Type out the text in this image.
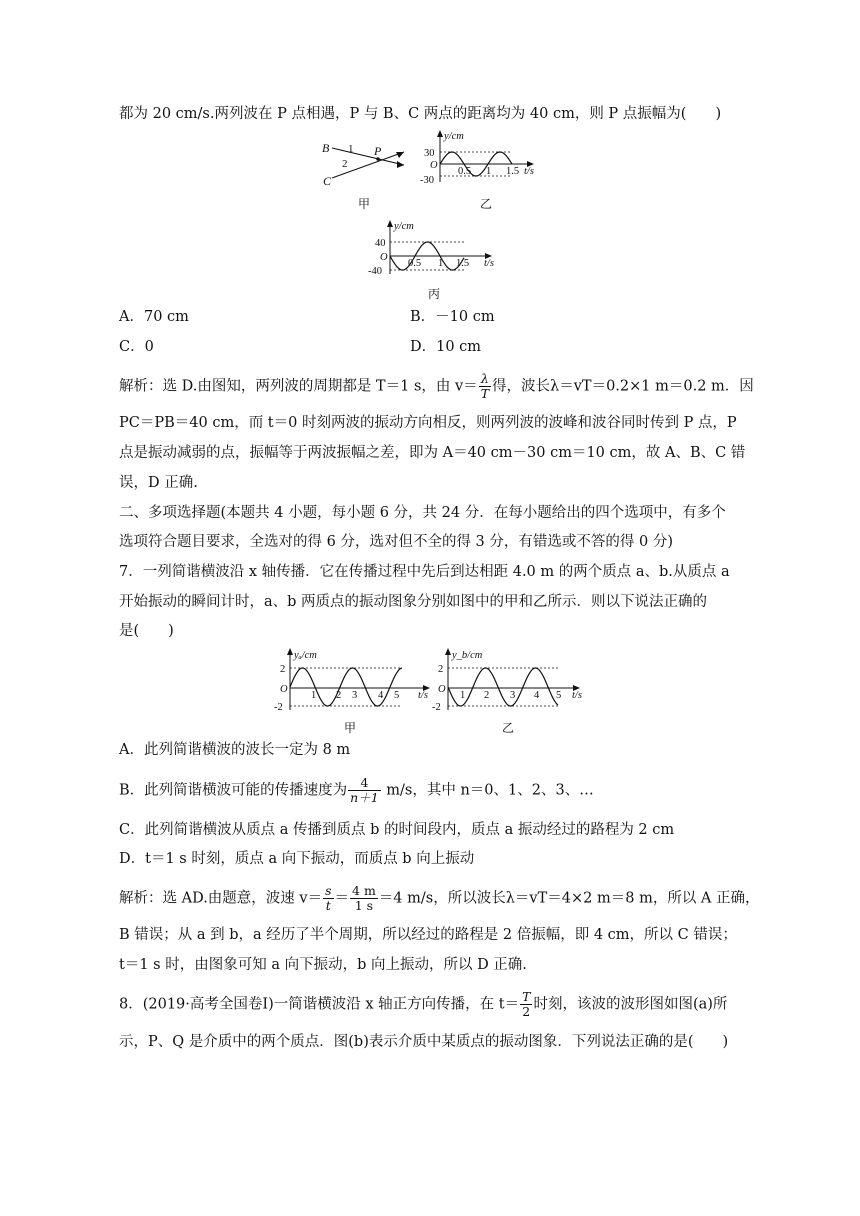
都为 20 cm/s.两列波在 P 点相遇，P 与 B、C 两点的距离均为 40 cm，则 P 点振幅为(　　)
B
C
P
1
2
甲
y/cm
30
O
-30
0.5 1 1.5 t/s
乙
y/cm
40
O
-40
0.5 1 1.5 t/s
丙
A．70 cm	B．－10 cm
C．0	D．10 cm
解析：选 D.由图知，两列波的周期都是 T＝1 s，由 $v= \frac{\lambda}{T}$ 得，波长λ＝vT＝0.2×1 m＝0.2 m．因
PC＝PB＝40 cm，而 t＝0 时刻两波的振动方向相反，则两列波的波峰和波谷同时传到 P 点，P
点是振动减弱的点，振幅等于两波振幅之差，即为 A＝40 cm－30 cm＝10 cm，故 A、B、C 错
误，D 正确.
二、多项选择题(本题共 4 小题，每小题 6 分，共 24 分．在每小题给出的四个选项中，有多个
选项符合题目要求，全选对的得 6 分，选对但不全的得 3 分，有错选或不答的得 0 分)
7．一列简谐横波沿 x 轴传播．它在传播过程中先后到达相距 4.0 m 的两个质点 a、b.从质点 a
开始振动的瞬间计时，a、b 两质点的振动图象分别如图中的甲和乙所示．则以下说法正确的
是(　　)
yₐ/cm
2
O
-2
1 2 3 4 5 t/s
甲
y_b/cm
2
O
-2
1 2 3 4 5 t/s
乙
A．此列简谐横波的波长一定为 8 m
B．此列简谐横波可能的传播速度为 $\frac{4}{n+1} m/s$，其中 n＝0、1、2、3、…
C．此列简谐横波从质点 a 传播到质点 b 的时间段内，质点 a 振动经过的路程为 2 cm
D．t＝1 s 时刻，质点 a 向下振动，而质点 b 向上振动
解析：选 AD.由题意，波速 $v= \frac{s}{t} = \frac{4 m}{1 s} =4$ m/s，所以波长λ＝vT＝4×2 m＝8 m，所以 A 正确，
B 错误；从 a 到 b，a 经历了半个周期，所以经过的路程是 2 倍振幅，即 4 cm，所以 C 错误；
t＝1 s 时，由图象可知 a 向下振动，b 向上振动，所以 D 正确.
8．(2019·高考全国卷Ⅰ)一简谐横波沿 x 轴正方向传播，在 $t= \frac{T}{2}$ 时刻，该波的波形图如图(a)所
示，P、Q 是介质中的两个质点．图(b)表示介质中某质点的振动图象．下列说法正确的是(　　)
